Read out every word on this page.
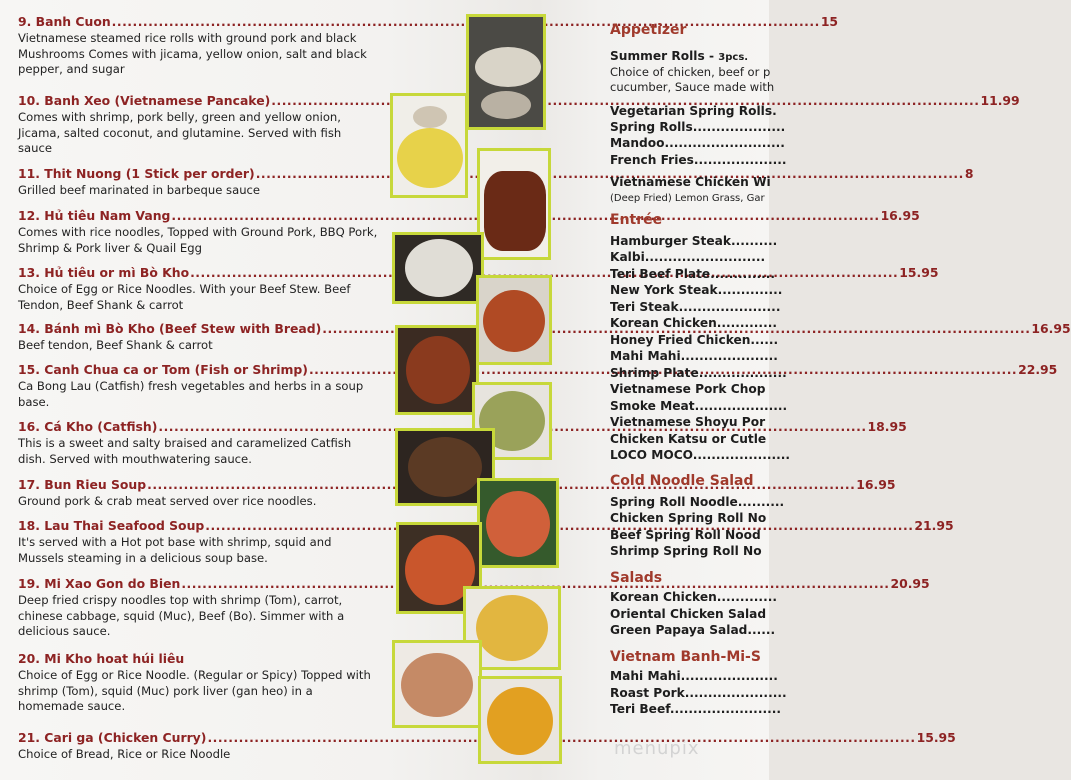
9. Banh Cuon .....	15
Vietnamese steamed rice rolls with ground pork and black Mushrooms Comes with jicama, yellow onion, salt and black pepper, and sugar
10. Banh Xeo (Vietnamese Pancake) .....	11.99
Comes with shrimp, pork belly, green and yellow onion, Jicama, salted coconut, and glutamine. Served with fish sauce
11. Thit Nuong (1 Stick per order) .....	8
Grilled beef marinated in barbeque sauce
12. Hủ tiêu Nam Vang .....	16.95
Comes with rice noodles, Topped with Ground Pork, BBQ Pork, Shrimp & Pork liver & Quail Egg
13. Hủ tiêu or mì Bò Kho .....	15.95
Choice of Egg or Rice Noodles. With your Beef Stew. Beef Tendon, Beef Shank & carrot
14. Bánh mì Bò Kho (Beef Stew with Bread) .....	16.95
Beef tendon, Beef Shank & carrot
15. Canh Chua ca or Tom (Fish or Shrimp) .....	22.95
Ca Bong Lau (Catfish) fresh vegetables and herbs in a soup base.
16. Cá Kho (Catfish) .....	18.95
This is a sweet and salty braised and caramelized Catfish dish. Served with mouthwatering sauce.
17. Bun Rieu Soup .....	16.95
Ground pork & crab meat served over rice noodles.
18. Lau Thai Seafood Soup .....	21.95
It's served with a Hot pot base with shrimp, squid and Mussels steaming in a delicious soup base.
19. Mi Xao Gon do Bien .....	20.95
Deep fried crispy noodles top with shrimp (Tom), carrot, chinese cabbage, squid (Muc), Beef (Bo). Simmer with a delicious sauce.
20. Mi Kho hoat húi liêu
Choice of Egg or Rice Noodle. (Regular or Spicy) Topped with shrimp (Tom), squid (Muc) pork liver (gan heo) in a homemade sauce.
21. Cari ga (Chicken Curry) .....	15.95
Choice of Bread, Rice or Rice Noodle
Appetizer
Summer Rolls - 3pcs.
Choice of chicken, beef or p
cucumber, Sauce made with
Vegetarian Spring Rolls.
Spring Rolls....................
Mandoo..........................
French Fries....................
Vietnamese Chicken Wi
(Deep Fried) Lemon Grass, Gar
Entrée
Hamburger Steak..........
Kalbi..........................
Teri Beef Plate..............
New York Steak..............
Teri Steak......................
Korean Chicken.............
Honey Fried Chicken......
Mahi Mahi.....................
Shrimp Plate...................
Vietnamese Pork Chop
Smoke Meat....................
Vietnamese Shoyu Por
Chicken Katsu or Cutle
LOCO MOCO.....................
Cold Noodle Salad
Spring Roll Noodle..........
Chicken Spring Roll No
Beef Spring Roll Nood
Shrimp Spring Roll No
Salads
Korean Chicken.............
Oriental Chicken Salad
Green Papaya Salad......
Vietnam Banh-Mi-S
Mahi Mahi.....................
Roast Pork......................
Teri Beef........................
menupix
